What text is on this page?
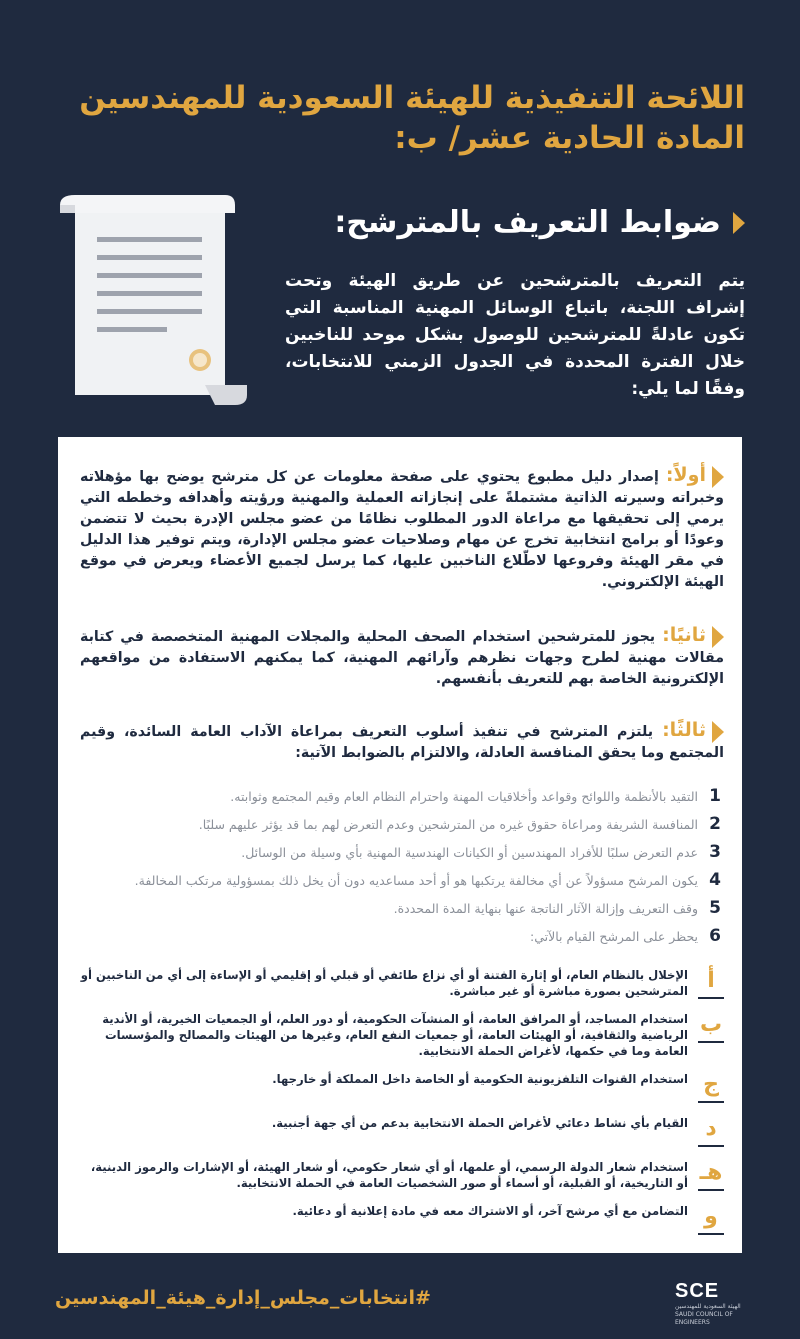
اللائحة التنفيذية للهيئة السعودية للمهندسين
المادة الحادية عشر/ ب:
ضوابط التعريف بالمترشح:

يتم التعريف بالمترشحين عن طريق الهيئة وتحت إشراف اللجنة، باتباع الوسائل المهنية المناسبة التي تكون عادلةً للمترشحين للوصول بشكل موحد للناخبين خلال الفترة المحددة في الجدول الزمني للانتخابات، وفقًا لما يلي:

أولاً: إصدار دليل مطبوع يحتوي على صفحة معلومات عن كل مترشح يوضح بها مؤهلاته وخبراته وسيرته الذاتية مشتملةً على إنجازاته العملية والمهنية ورؤيته وأهدافه وخططه التي يرمي إلى تحقيقها مع مراعاة الدور المطلوب نظامًا من عضو مجلس الإدرة بحيث لا تتضمن وعودًا أو برامج انتخابية تخرج عن مهام وصلاحيات عضو مجلس الإدارة، ويتم توفير هذا الدليل في مقر الهيئة وفروعها لاطّلاع الناخبين عليها، كما يرسل لجميع الأعضاء ويعرض في موقع الهيئة الإلكتروني.
ثانيًا: يجوز للمترشحين استخدام الصحف المحلية والمجلات المهنية المتخصصة في كتابة مقالات مهنية لطرح وجهات نظرهم وآرائهم المهنية، كما يمكنهم الاستفادة من مواقعهم الإلكترونية الخاصة بهم للتعريف بأنفسهم.
ثالثًا: يلتزم المترشح في تنفيذ أسلوب التعريف بمراعاة الآداب العامة السائدة، وقيم المجتمع وما يحقق المنافسة العادلة، والالتزام بالضوابط الآتية:
1
التقيد بالأنظمة واللوائح وقواعد وأخلاقيات المهنة واحترام النظام العام وقيم المجتمع وثوابته.
2
المنافسة الشريفة ومراعاة حقوق غيره من المترشحين وعدم التعرض لهم بما قد يؤثر عليهم سلبًا.
3
عدم التعرض سلبًا للأفراد المهندسين أو الكيانات الهندسية المهنية بأي وسيلة من الوسائل.
4
يكون المرشح مسؤولاً عن أي مخالفة يرتكبها هو أو أحد مساعديه دون أن يخل ذلك بمسؤولية مرتكب المخالفة.
5
وقف التعريف وإزالة الآثار الناتجة عنها بنهاية المدة المحددة.
6
يحظر على المرشح القيام بالآتي:
أ
الإخلال بالنظام العام، أو إثارة الفتنة أو أي نزاع طائفي أو قبلي أو إقليمي أو الإساءة إلى أي من الناخبين أو المترشحين بصورة مباشرة أو غير مباشرة.
ب
استخدام المساجد، أو المرافق العامة، أو المنشآت الحكومية، أو دور العلم، أو الجمعيات الخيرية، أو الأندية الرياضية والثقافية، أو الهيئات العامة، أو جمعيات النفع العام، وغيرها من الهيئات والمصالح والمؤسسات العامة وما في حكمها، لأغراض الحملة الانتخابية.
ج
استخدام القنوات التلفزيونية الحكومية أو الخاصة داخل المملكة أو خارجها.
د
القيام بأي نشاط دعائي لأغراض الحملة الانتخابية بدعم من أي جهة أجنبية.
هـ
استخدام شعار الدولة الرسمي، أو علمها، أو أي شعار حكومي، أو شعار الهيئة، أو الإشارات والرموز الدينية، أو التاريخية، أو القبلية، أو أسماء أو صور الشخصيات العامة في الحملة الانتخابية.
و
التضامن مع أي مرشح آخر، أو الاشتراك معه في مادة إعلانية أو دعائية.
#انتخابات_مجلس_إدارة_هيئة_المهندسين	SCE
الهيئة السعودية للمهندسين
SAUDI COUNCIL OF ENGINEERS
